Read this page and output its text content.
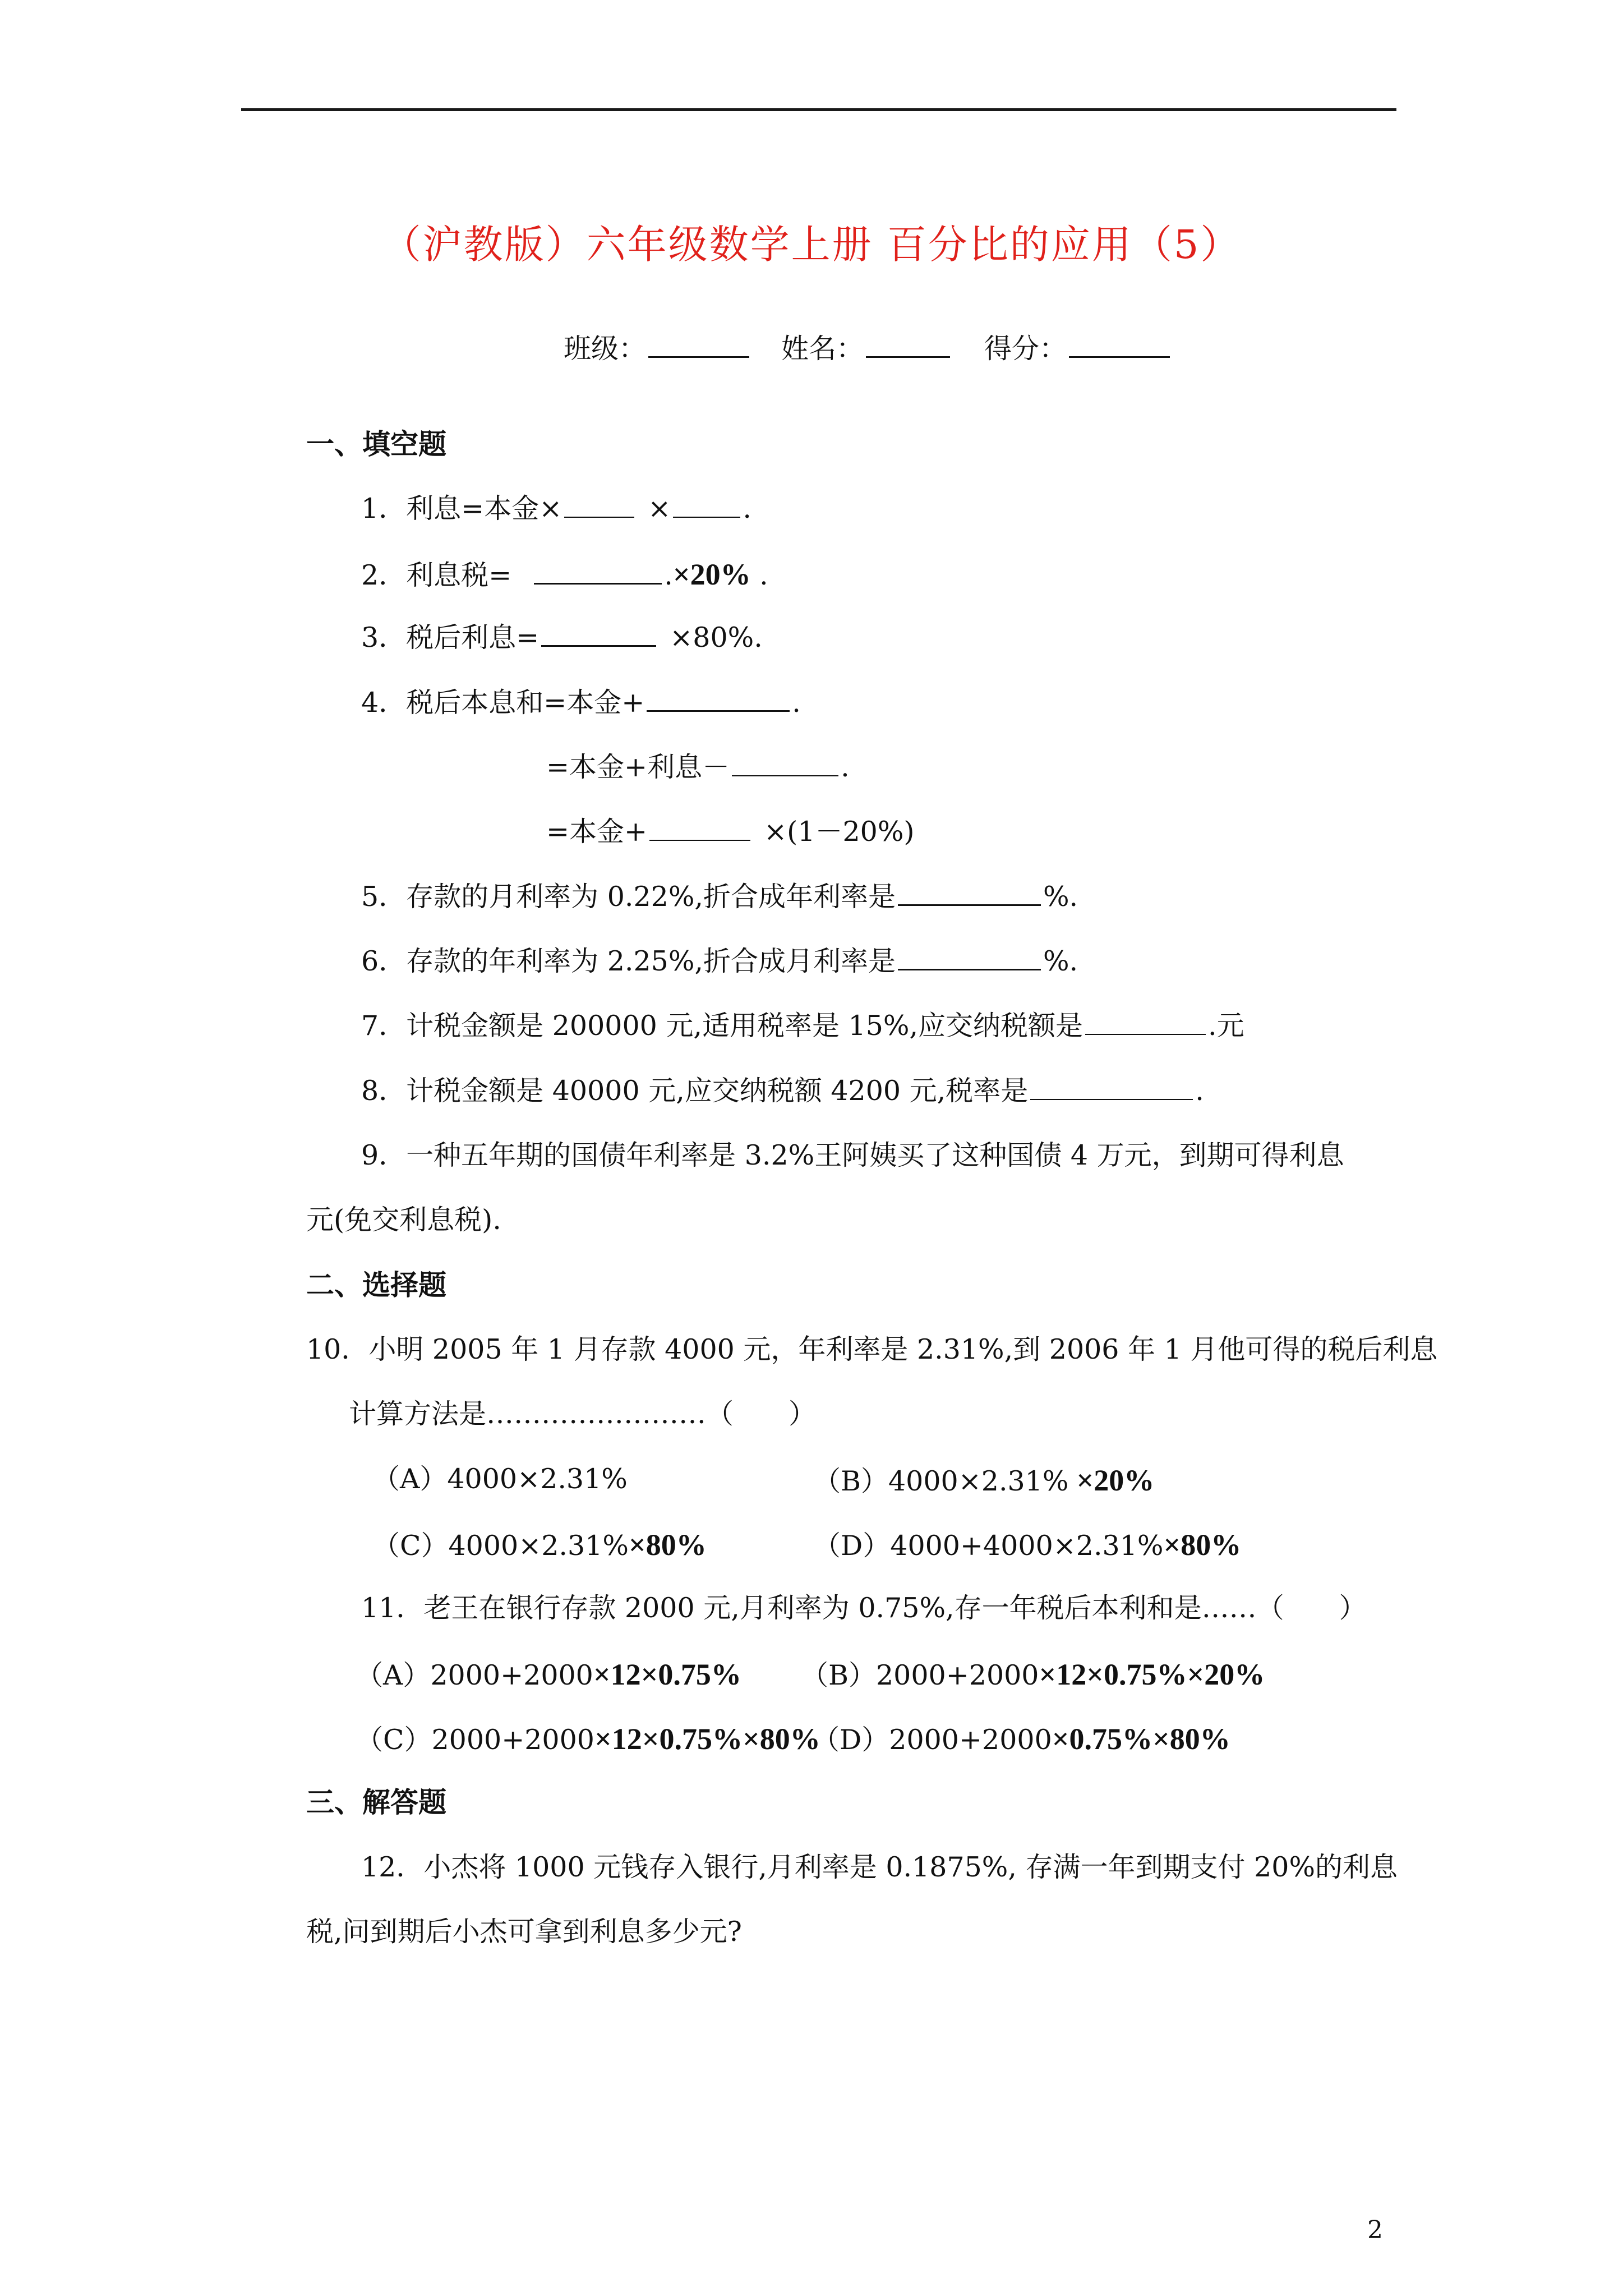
（沪教版）六年级数学上册 百分比的应用（5）
班级：	姓名：	得分：
一、填空题
1．利息=本金×	×	.
2．利息税=	.×20% .
3．税后利息=	×80%.
4．税后本息和=本金+	.
=本金+利息－	.
=本金+	×(1－20%)
5．存款的月利率为 0.22%,折合成年利率是	%.
6．存款的年利率为 2.25%,折合成月利率是	%.
7．计税金额是 200000 元,适用税率是 15%,应交纳税额是	.元
8．计税金额是 40000 元,应交纳税额 4200 元,税率是	.
9．一种五年期的国债年利率是 3.2%王阿姨买了这种国债 4 万元，到期可得利息
元(免交利息税).
二、选择题
10．小明 2005 年 1 月存款 4000 元，年利率是 2.31%,到 2006 年 1 月他可得的税后利息
计算方法是……………………（　　）
（A）4000×2.31%	（B）4000×2.31% ×20%
（C）4000×2.31%×80%	（D）4000+4000×2.31%×80%
11．老王在银行存款 2000 元,月利率为 0.75%,存一年税后本利和是……（　　）
（A）2000+2000×12×0.75% （B）2000+2000×12×0.75%×20%
（C）2000+2000×12×0.75%×80%
（D）2000+2000×0.75%×80%
三、解答题
12．小杰将 1000 元钱存入银行,月利率是 0.1875%, 存满一年到期支付 20%的利息
税,问到期后小杰可拿到利息多少元?
2
